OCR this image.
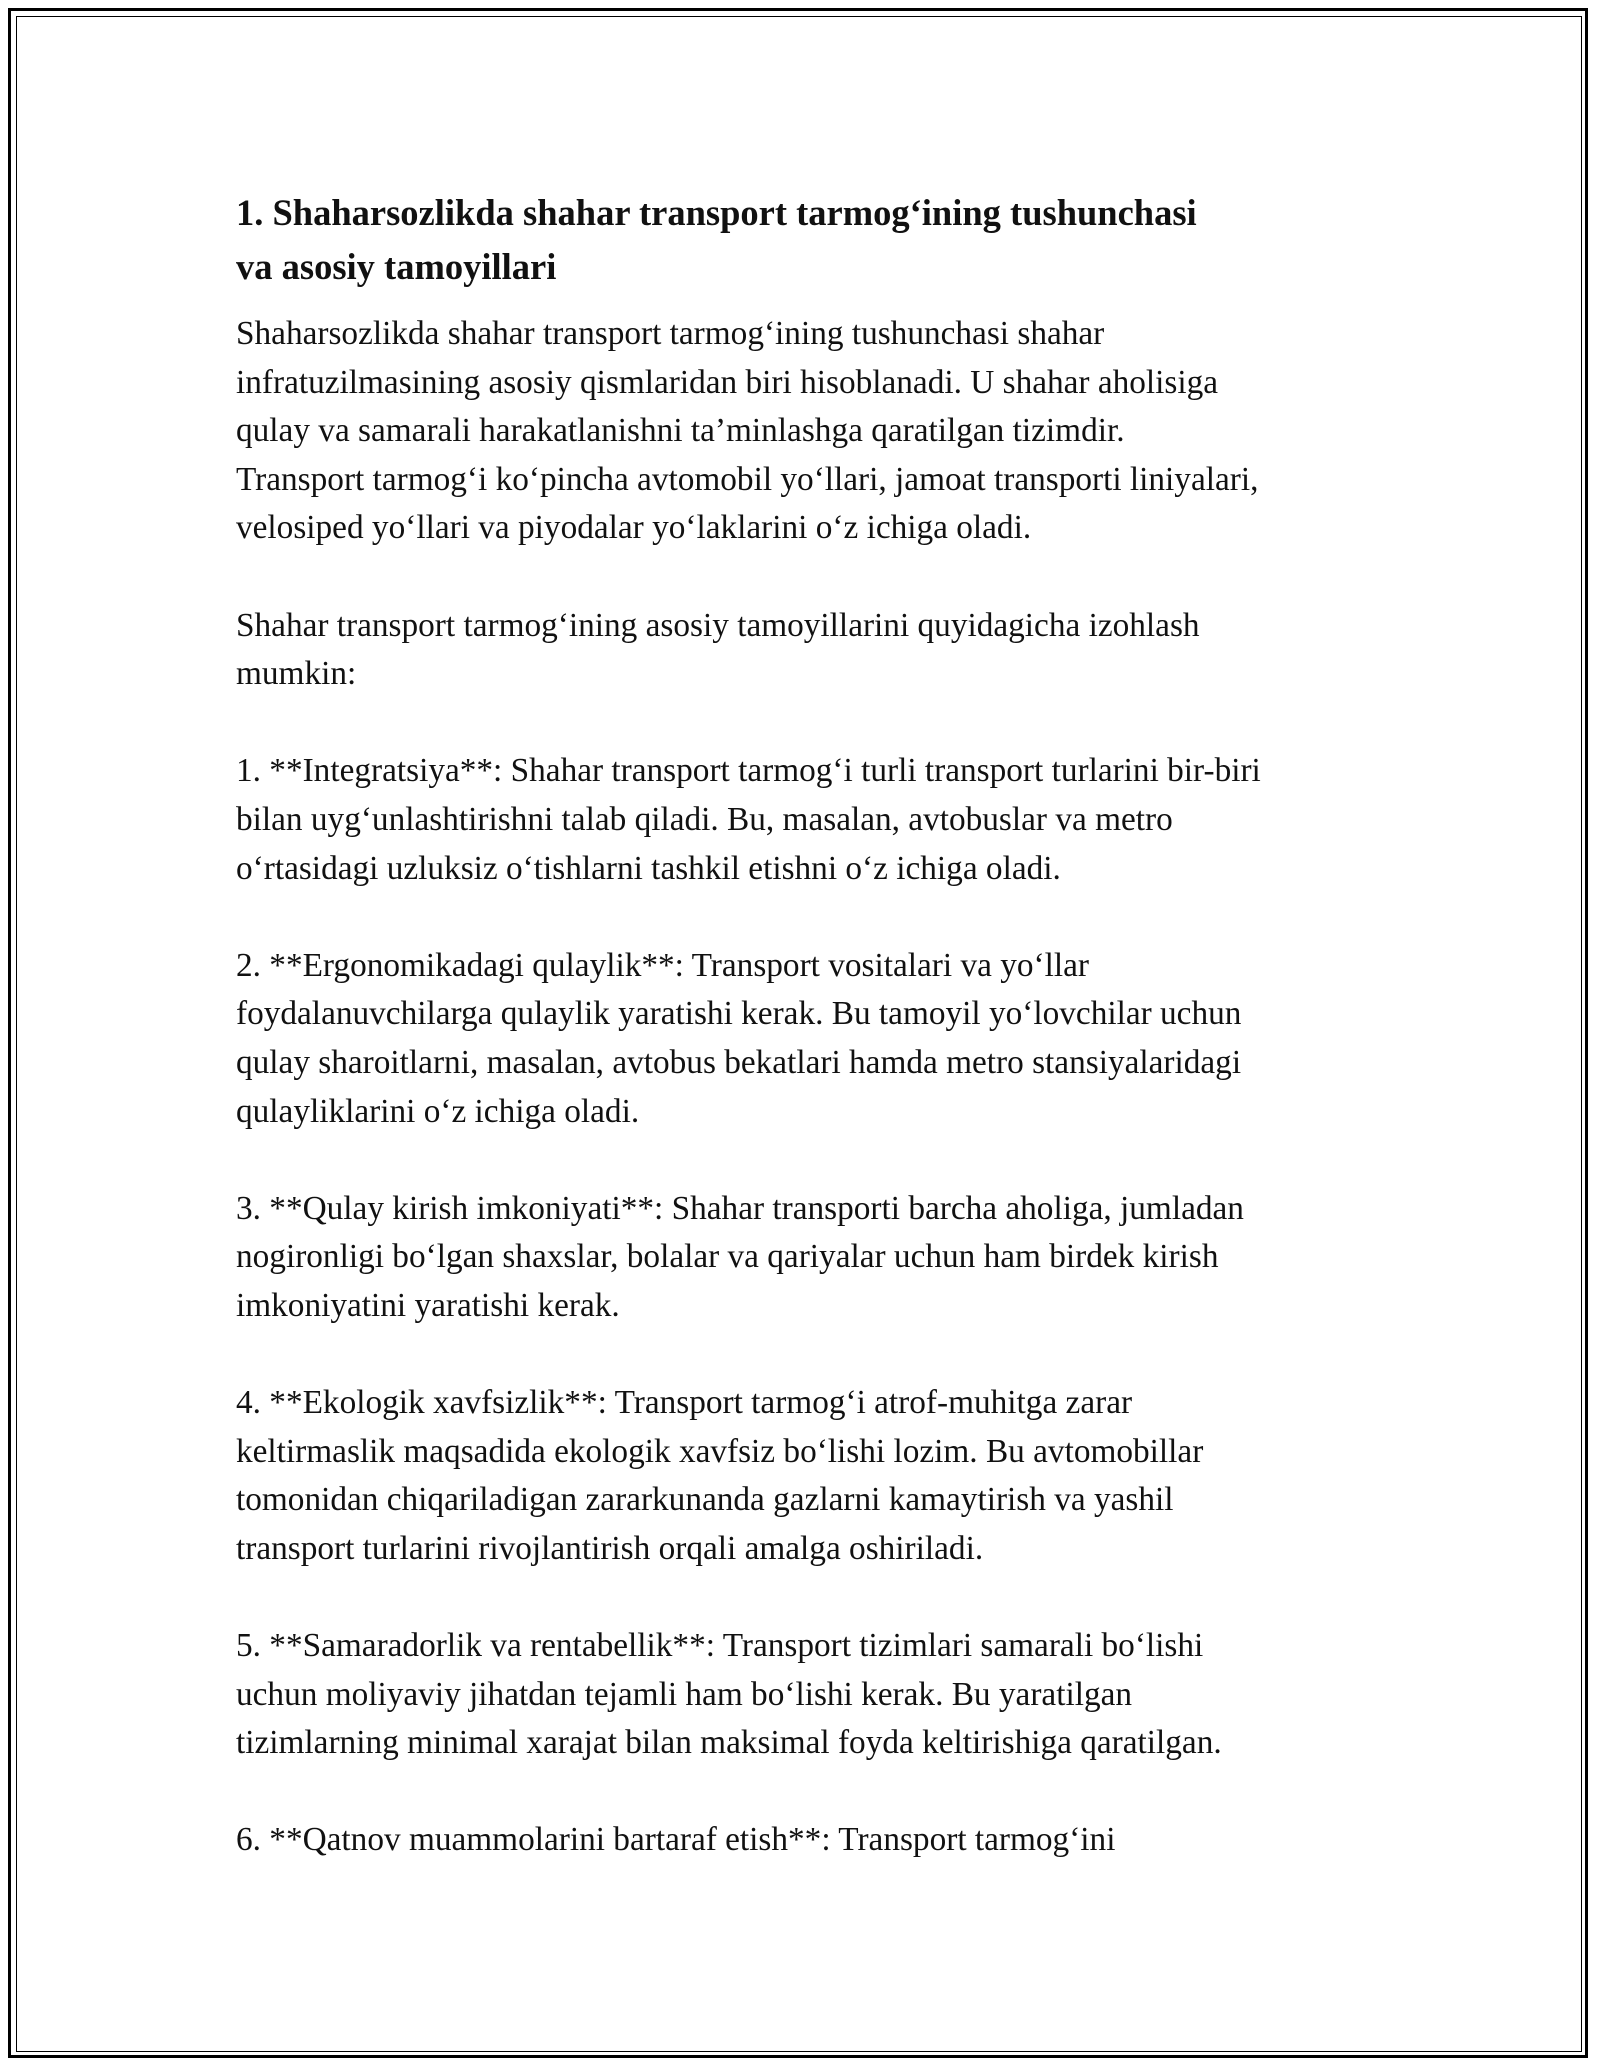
1. Shaharsozlikda shahar transport tarmog‘ining tushunchasi
va asosiy tamoyillari

Shaharsozlikda shahar transport tarmog‘ining tushunchasi shahar
infratuzilmasining asosiy qismlaridan biri hisoblanadi. U shahar aholisiga
qulay va samarali harakatlanishni ta’minlashga qaratilgan tizimdir.
Transport tarmog‘i ko‘pincha avtomobil yo‘llari, jamoat transporti liniyalari,
velosiped yo‘llari va piyodalar yo‘laklarini o‘z ichiga oladi.

Shahar transport tarmog‘ining asosiy tamoyillarini quyidagicha izohlash
mumkin:

1. **Integratsiya**: Shahar transport tarmog‘i turli transport turlarini bir-biri
bilan uyg‘unlashtirishni talab qiladi. Bu, masalan, avtobuslar va metro
o‘rtasidagi uzluksiz o‘tishlarni tashkil etishni o‘z ichiga oladi.

2. **Ergonomikadagi qulaylik**: Transport vositalari va yo‘llar
foydalanuvchilarga qulaylik yaratishi kerak. Bu tamoyil yo‘lovchilar uchun
qulay sharoitlarni, masalan, avtobus bekatlari hamda metro stansiyalaridagi
qulayliklarini o‘z ichiga oladi.

3. **Qulay kirish imkoniyati**: Shahar transporti barcha aholiga, jumladan
nogironligi bo‘lgan shaxslar, bolalar va qariyalar uchun ham birdek kirish
imkoniyatini yaratishi kerak.

4. **Ekologik xavfsizlik**: Transport tarmog‘i atrof-muhitga zarar
keltirmaslik maqsadida ekologik xavfsiz bo‘lishi lozim. Bu avtomobillar
tomonidan chiqariladigan zararkunanda gazlarni kamaytirish va yashil
transport turlarini rivojlantirish orqali amalga oshiriladi.

5. **Samaradorlik va rentabellik**: Transport tizimlari samarali bo‘lishi
uchun moliyaviy jihatdan tejamli ham bo‘lishi kerak. Bu yaratilgan
tizimlarning minimal xarajat bilan maksimal foyda keltirishiga qaratilgan.

6. **Qatnov muammolarini bartaraf etish**: Transport tarmog‘ini
